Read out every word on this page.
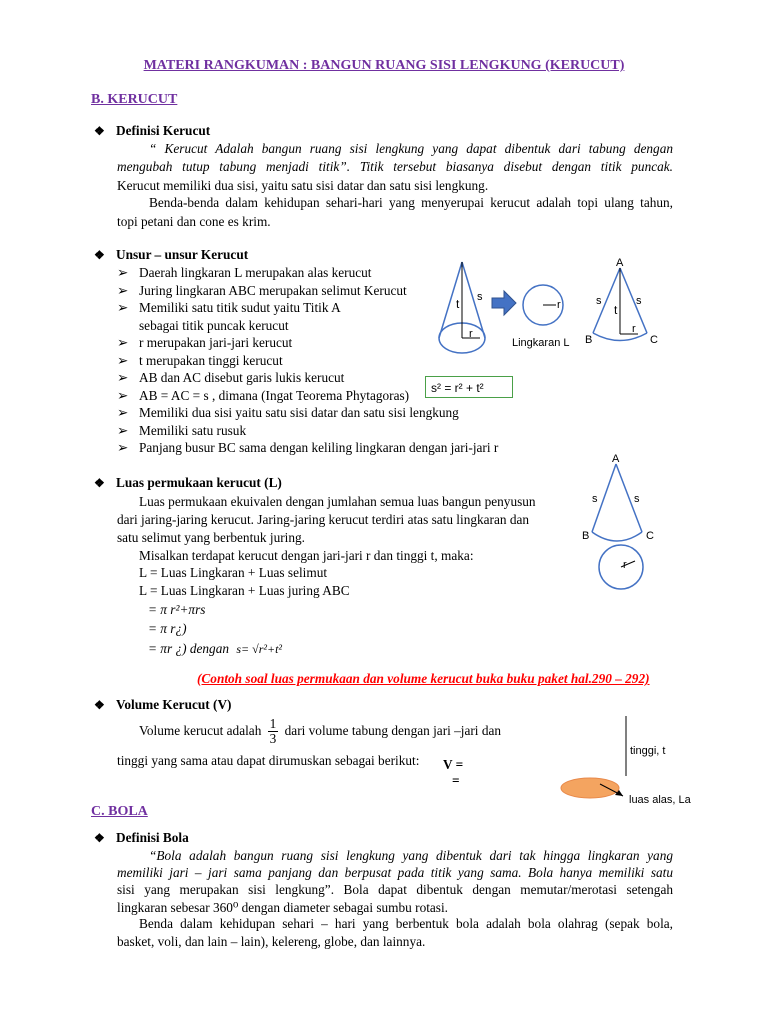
MATERI RANGKUMAN : BANGUN RUANG SISI LENGKUNG (KERUCUT)
B. KERUCUT
❖ Definisi Kerucut
“ Kerucut Adalah bangun ruang sisi lengkung yang dapat dibentuk dari tabung dengan
mengubah tutup tabung menjadi titik”. Titik tersebut biasanya disebut dengan titik puncak.
Kerucut memiliki dua sisi, yaitu satu sisi datar dan satu sisi lengkung.
Benda-benda dalam kehidupan sehari-hari yang menyerupai kerucut adalah topi ulang tahun,
topi petani dan cone es krim.
❖ Unsur – unsur Kerucut
➢ Daerah lingkaran L merupakan alas kerucut
➢ Juring lingkaran ABC merupakan selimut Kerucut
➢ Memiliki satu titik sudut yaitu Titik A
sebagai titik puncak kerucut
➢ r merupakan jari-jari kerucut
➢ t merupakan tinggi kerucut
➢ AB dan AC disebut garis lukis kerucut
➢ AB = AC = s , dimana (Ingat Teorema Phytagoras)
➢ Memiliki dua sisi yaitu satu sisi datar dan satu sisi lengkung
➢ Memiliki satu rusuk
➢ Panjang busur BC sama dengan keliling lingkaran dengan jari-jari r
s² = r² + t²
t s
r
r
Lingkaran L
A
s	s
t
r
B	C
❖ Luas permukaan kerucut (L)
Luas permukaan ekuivalen dengan jumlahan semua luas bangun penyusun
dari jaring-jaring kerucut. Jaring-jaring kerucut terdiri atas satu lingkaran dan
satu selimut yang berbentuk juring.
Misalkan terdapat kerucut dengan jari-jari r dan tinggi t, maka:
L = Luas Lingkaran + Luas selimut
L = Luas Lingkaran + Luas juring ABC
= π r²+πrs
= π r¿)
= πr ¿) dengan s= √r²+t²
A
s	s
B	C
r
(Contoh soal luas permukaan dan volume kerucut buka buku paket hal.290 – 292)
❖ Volume Kerucut (V)
Volume kerucut adalah $\frac{1}{3}$ dari volume tabung dengan jari –jari dan
tinggi yang sama atau dapat dirumuskan sebagai berikut: V =
=
tinggi, t
luas alas, La
C. BOLA
❖ Definisi Bola
“Bola adalah bangun ruang sisi lengkung yang dibentuk dari tak hingga lingkaran yang
memiliki jari – jari sama panjang dan berpusat pada titik yang sama. Bola hanya memiliki satu
sisi yang merupakan sisi lengkung”. Bola dapat dibentuk dengan memutar/merotasi setengah
lingkaran sebesar 360⁰ dengan diameter sebagai sumbu rotasi.
Benda dalam kehidupan sehari – hari yang berbentuk bola adalah bola olahrag (sepak bola,
basket, voli, dan lain – lain), kelereng, globe, dan lainnya.
